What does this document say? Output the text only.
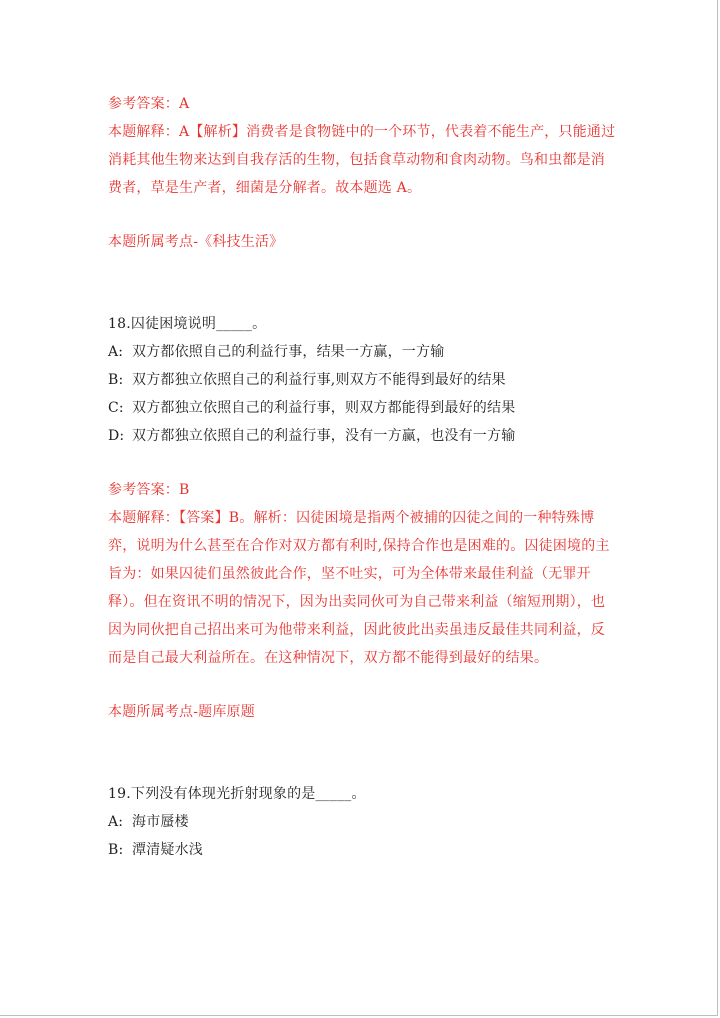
参考答案：A

本题解释：A【解析】消费者是食物链中的一个环节，代表着不能生产，只能通过消耗其他生物来达到自我存活的生物，包括食草动物和食肉动物。鸟和虫都是消费者，草是生产者，细菌是分解者。故本题选 A。

本题所属考点-《科技生活》

18.囚徒困境说明_____。

A: 双方都依照自己的利益行事，结果一方赢，一方输

B: 双方都独立依照自己的利益行事,则双方不能得到最好的结果

C: 双方都独立依照自己的利益行事，则双方都能得到最好的结果

D: 双方都独立依照自己的利益行事，没有一方赢，也没有一方输

参考答案：B

本题解释：【答案】B。解析：囚徒困境是指两个被捕的囚徒之间的一种特殊博弈，说明为什么甚至在合作对双方都有利时,保持合作也是困难的。囚徒困境的主旨为：如果囚徒们虽然彼此合作，坚不吐实，可为全体带来最佳利益（无罪开释）。但在资讯不明的情况下，因为出卖同伙可为自己带来利益（缩短刑期），也因为同伙把自己招出来可为他带来利益，因此彼此出卖虽违反最佳共同利益，反而是自己最大利益所在。在这种情况下，双方都不能得到最好的结果。

本题所属考点-题库原题

19.下列没有体现光折射现象的是_____。

A: 海市蜃楼

B: 潭清疑水浅
